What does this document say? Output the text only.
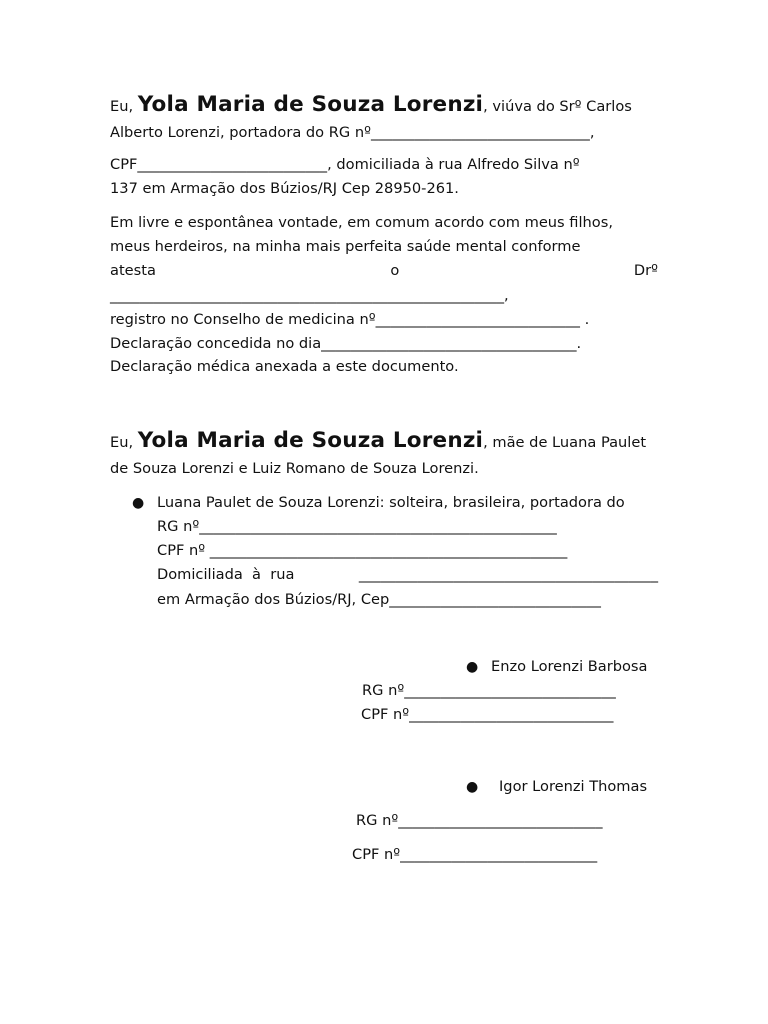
Eu, Yola Maria de Souza Lorenzi, viúva do Srº Carlos
Alberto Lorenzi, portadora do RG nº______________________________,
CPF__________________________, domiciliada à rua Alfredo Silva nº
137 em Armação dos Búzios/RJ Cep 28950-261.
Em livre e espontânea vontade, em comum acordo com meus filhos,
meus herdeiros, na minha mais perfeita saúde mental conforme
atesta	o	Drº
______________________________________________________,
registro no Conselho de medicina nº____________________________ .
Declaração concedida no dia___________________________________.
Declaração médica anexada a este documento.
Eu, Yola Maria de Souza Lorenzi, mãe de Luana Paulet
de Souza Lorenzi e Luiz Romano de Souza Lorenzi.
● Luana Paulet de Souza Lorenzi: solteira, brasileira, portadora do
RG nº_________________________________________________
CPF nº _________________________________________________
Domiciliada  à  rua	_________________________________________
em Armação dos Búzios/RJ, Cep_____________________________
● Enzo Lorenzi Barbosa
RG nº_____________________________
CPF nº____________________________
● Igor Lorenzi Thomas
RG nº____________________________
CPF nº___________________________
